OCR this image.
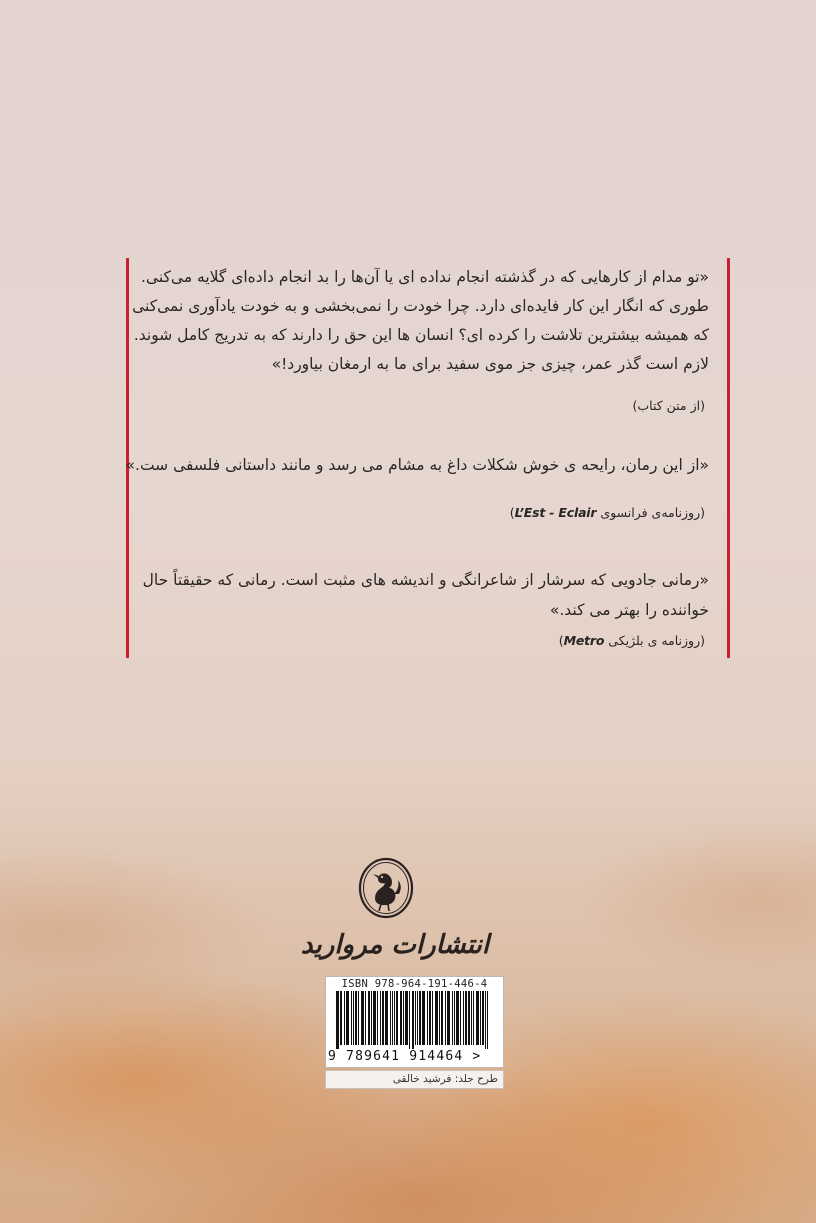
«تو مدام از کارهایی که در گذشته انجام نداده ای یا آن‌ها را بد انجام داده‌ای گلایه می‌کنی.
طوری که انگار این کار فایده‌ای دارد. چرا خودت را نمی‌بخشی و به خودت یادآوری نمی‌کنی
که همیشه بیشترین تلاشت را کرده ای؟ انسان ها این حق را دارند که به تدریج کامل شوند.
لازم است گذر عمر، چیزی جز موی سفید برای ما به ارمغان بیاورد!»
(از متن کتاب)
«از این رمان، رایحه ی خوش شکلات داغ به مشام می رسد و مانند داستانی فلسفی ست.»
(روزنامه‌ی فرانسوی L’Est - Eclair)
«رمانی جادویی که سرشار از شاعرانگی و اندیشه های مثبت است. رمانی که حقیقتاً حال
خواننده را بهتر می کند.»
(روزنامه ی بلژیکی Metro)
انتشارات مروارید
ISBN 978-964-191-446-4
9 789641 914464 >
طرح جلد: فرشید خالقی
